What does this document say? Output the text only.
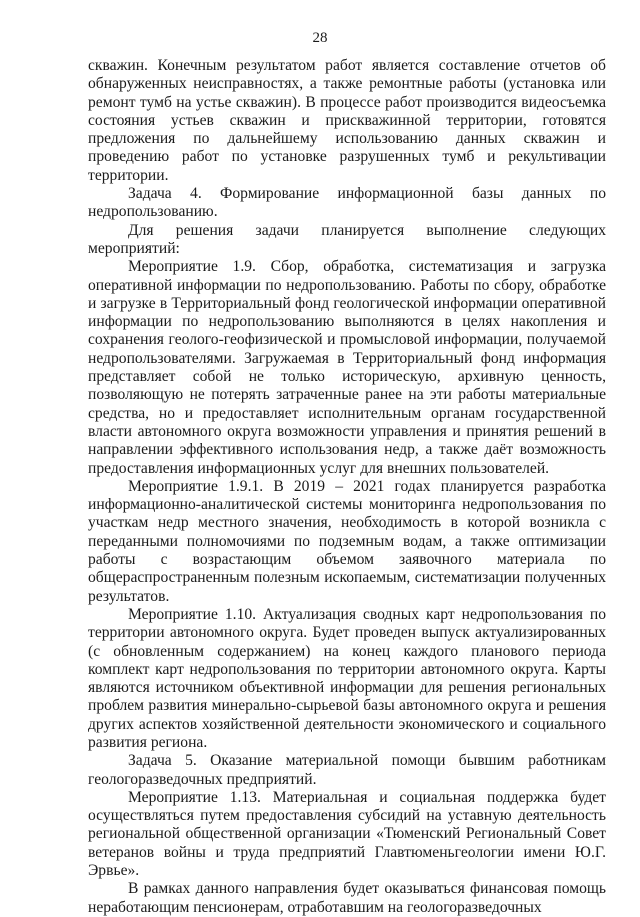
28

скважин. Конечным результатом работ является составление отчетов об обнаруженных неисправностях, а также ремонтные работы (установка или ремонт тумб на устье скважин). В процессе работ производится видеосъемка состояния устьев скважин и прискважинной территории, готовятся предложения по дальнейшему использованию данных скважин и проведению работ по установке разрушенных тумб и рекультивации территории.

Задача 4. Формирование информационной базы данных по недропользованию.

Для решения задачи планируется выполнение следующих мероприятий:

Мероприятие 1.9. Сбор, обработка, систематизация и загрузка оперативной информации по недропользованию. Работы по сбору, обработке и загрузке в Территориальный фонд геологической информации оперативной информации по недропользованию выполняются в целях накопления и сохранения геолого-геофизической и промысловой информации, получаемой недропользователями. Загружаемая в Территориальный фонд информация представляет собой не только историческую, архивную ценность, позволяющую не потерять затраченные ранее на эти работы материальные средства, но и предоставляет исполнительным органам государственной власти автономного округа возможности управления и принятия решений в направлении эффективного использования недр, а также даёт возможность предоставления информационных услуг для внешних пользователей.

Мероприятие 1.9.1. В 2019 – 2021 годах планируется разработка информационно-аналитической системы мониторинга недропользования по участкам недр местного значения, необходимость в которой возникла с переданными полномочиями по подземным водам, а также оптимизации работы с возрастающим объемом заявочного материала по общераспространенным полезным ископаемым, систематизации полученных результатов.

Мероприятие 1.10. Актуализация сводных карт недропользования по территории автономного округа. Будет проведен выпуск актуализированных (с обновленным содержанием) на конец каждого планового периода комплект карт недропользования по территории автономного округа. Карты являются источником объективной информации для решения региональных проблем развития минерально-сырьевой базы автономного округа и решения других аспектов хозяйственной деятельности экономического и социального развития региона.

Задача 5. Оказание материальной помощи бывшим работникам геологоразведочных предприятий.

Мероприятие 1.13. Материальная и социальная поддержка будет осуществляться путем предоставления субсидий на уставную деятельность региональной общественной организации «Тюменский Региональный Совет ветеранов войны и труда предприятий Главтюменьгеологии имени Ю.Г. Эрвье».

В рамках данного направления будет оказываться финансовая помощь неработающим пенсионерам, отработавшим на геологоразведочных
